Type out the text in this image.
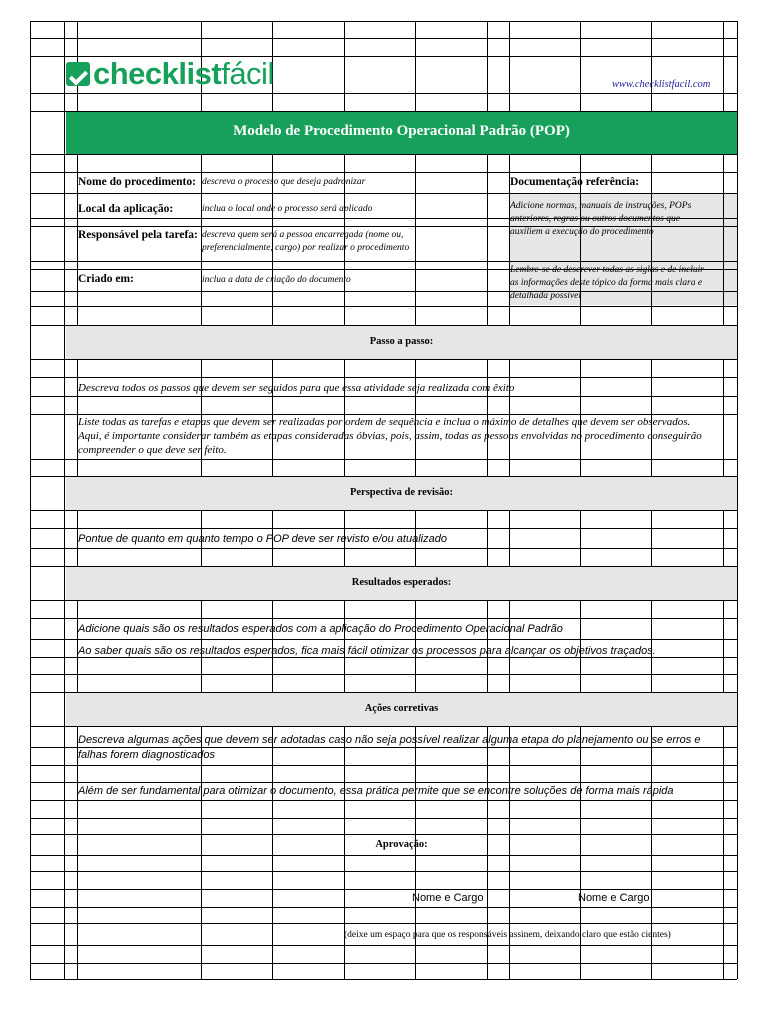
checklistfácil	www.checklistfacil.com
Modelo de Procedimento Operacional Padrão (POP)
Nome do procedimento: descreva o processo que deseja padronizar
Local da aplicação:	inclua o local onde o processo será aplicado
Responsável pela tarefa: descreva quem será a pessoa encarregada (nome ou,
preferencialmente, cargo) por realizar o procedimento
Criado em:	inclua a data de criação do documento
Documentação referência:
Adicione normas, manuais de instruções, POPs
anteriores, regras ou outros documentos que
auxiliem a execução do procedimento
Lembre-se de descrever todas as siglas e de incluir
as informações deste tópico da forma mais clara e
detalhada possível
Passo a passo:
Descreva todos os passos que devem ser seguidos para que essa atividade seja realizada com êxito
Liste todas as tarefas e etapas que devem ser realizadas por ordem de sequência e inclua o máximo de detalhes que devem ser observados.
Aqui, é importante considerar também as etapas consideradas óbvias, pois, assim, todas as pessoas envolvidas no procedimento conseguirão
compreender o que deve ser feito.
Perspectiva de revisão:
Pontue de quanto em quanto tempo o POP deve ser revisto e/ou atualizado
Resultados esperados:
Adicione quais são os resultados esperados com a aplicação do Procedimento Operacional Padrão
Ao saber quais são os resultados esperados, fica mais fácil otimizar os processos para alcançar os objetivos traçados.
Ações corretivas
Descreva algumas ações que devem ser adotadas caso não seja possível realizar alguma etapa do planejamento ou se erros e
falhas forem diagnosticados
Além de ser fundamental para otimizar o documento, essa prática permite que se encontre soluções de forma mais rápida
Aprovação:
Nome e Cargo	Nome e Cargo
(deixe um espaço para que os responsáveis assinem, deixando claro que estão cientes)
